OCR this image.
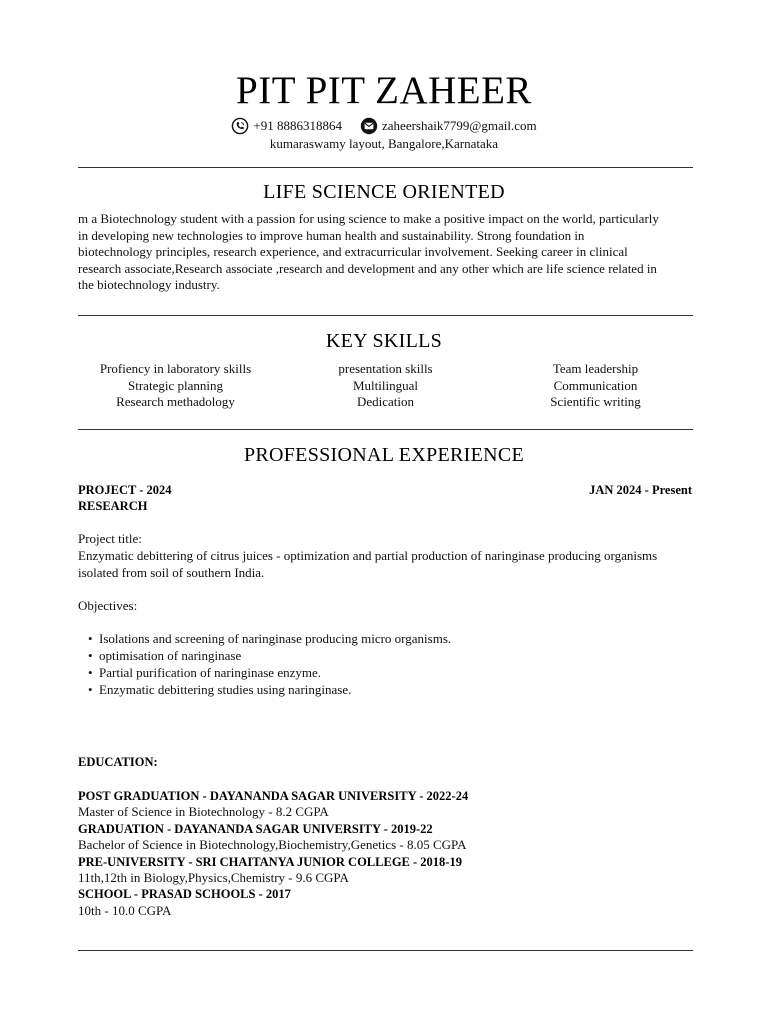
PIT PIT ZAHEER
+91 8886318864	zaheershaik7799@gmail.com
kumaraswamy layout, Bangalore,Karnataka
LIFE SCIENCE ORIENTED
m a Biotechnology student with a passion for using science to make a positive impact on the world, particularly
in developing new technologies to improve human health and sustainability. Strong foundation in
biotechnology principles, research experience, and extracurricular involvement. Seeking career in clinical
research associate,Research associate ,research and development and any other which are life science related in
the biotechnology industry.
KEY SKILLS
Profiency in laboratory skills	presentation skills	Team leadership
Strategic planning	Multilingual	Communication
Research methadology	Dedication	Scientific writing
PROFESSIONAL EXPERIENCE
PROJECT - 2024	JAN 2024 - Present
RESEARCH
Project title:
Enzymatic debittering of citrus juices - optimization and partial production of naringinase producing organisms
isolated from soil of southern India.
Objectives:
• Isolations and screening of naringinase producing micro organisms.
• optimisation of naringinase
• Partial purification of naringinase enzyme.
• Enzymatic debittering studies using naringinase.
EDUCATION:
POST GRADUATION - DAYANANDA SAGAR UNIVERSITY - 2022-24
Master of Science in Biotechnology - 8.2 CGPA
GRADUATION - DAYANANDA SAGAR UNIVERSITY - 2019-22
Bachelor of Science in Biotechnology,Biochemistry,Genetics - 8.05 CGPA
PRE-UNIVERSITY - SRI CHAITANYA JUNIOR COLLEGE - 2018-19
11th,12th in Biology,Physics,Chemistry - 9.6 CGPA
SCHOOL - PRASAD SCHOOLS - 2017
10th - 10.0 CGPA
